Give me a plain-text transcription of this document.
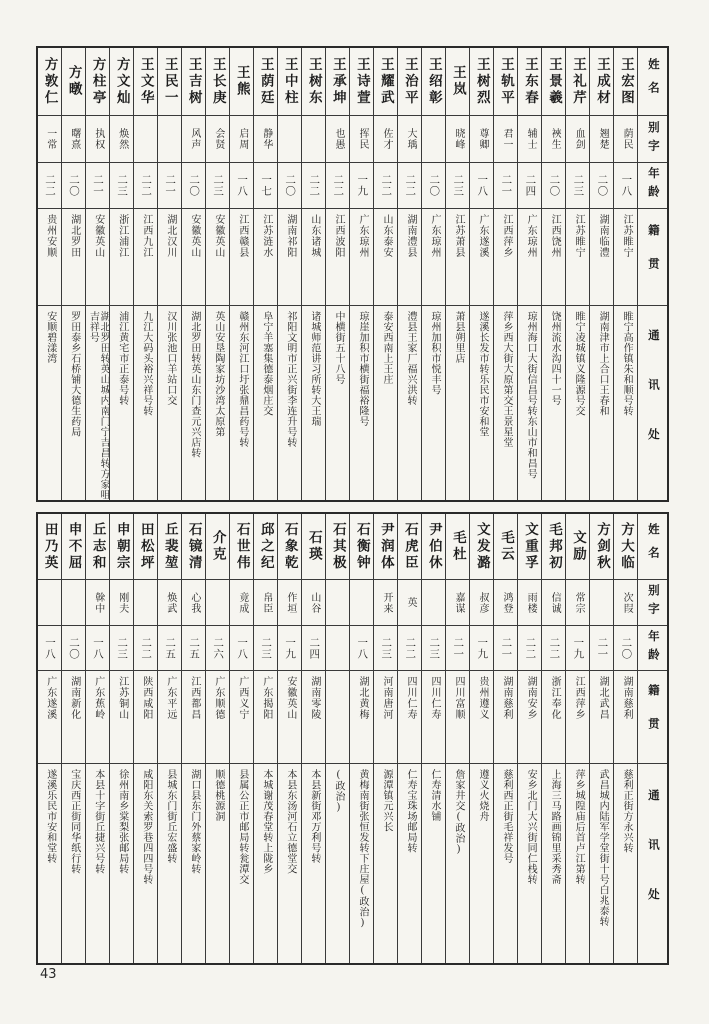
姓名
别字
年龄
籍贯
通讯处
王宏图
荫民
一八
江苏睢宁
睢宁高作镇朱和顺号转
王成材
翘楚
二〇
湖南临澧
湖南津市上合口王春和
王礼芹
血剑
二三
江苏睢宁
睢宁凌城镇义隆源号交
王景羲
裌生
二〇
江西饶州
饶州流水沟四十一号
王东春
辅士
二四
广东琼州
琼州海口大街信昌号转东山市和昌号
王轨平
君一
二一
江西萍乡
萍乡西大街大原第交王景星堂
王树烈
尊卿
一八
广东遂溪
遂溪长发市转乐民市安和堂
王岚
晓峰
二三
江苏萧县
萧县朔里店
王绍彰
二〇
广东琼州
琼州加积市悦丰号
王治平
大瑀
二二
湖南澧县
澧县王家厂福兴洪转
王耀武
佐才
二二
山东泰安
泰安西南上王庄
王诗萱
挥民
一九
广东琼州
琼崖加积市横街福裕隆号
王承坤
也愚
二二
江西波阳
中横街五十八号
王树东
二二
山东诸城
诸城师范讲习所转大王瑞
王中柱
二〇
湖南祁阳
祁阳文明市正兴街李连升号转
王荫廷
静华
一七
江苏涟水
阜宁羊塞集德泰烟庄交
王熊
启周
一八
江西赣县
赣州东河江口圩张鼎昌药号转
王长庚
会贤
二三
安徽英山
英山安垦陶家坊沙湾太原第
王吉树
风声
二〇
安徽英山
湖北罗田转英山东门查元兴店转
王民一
二一
湖北汉川
汉川张池口羊站口交
王文华
二二
江西九江
九江大码头裕兴祥号转
方文灿
焕然
二三
浙江浦江
浦江黄宅市正泰号转
方柱亭
执权
二一
安徽英山
湖北罗田转英山城内南门宁吉昌转方家咀吉祥号
方暾
曙熹
二〇
湖北罗田
罗田泰乡石桥铺大德生药局
方敦仁
一常
二二
贵州安顺
安顺碧漾湾
姓名
别字
年龄
籍贯
通讯处
方大临
次叚
二〇
湖南慈利
慈利正街方永兴转
方剑秋
二一
湖北武昌
武昌城内陆军学堂街十号白兆泰转
文励
常宗
一九
江西萍乡
萍乡城隍庙后首卢江第转
毛邦初
信诚
二二
浙江奉化
上海三马路画锦里采秀斋
文重孚
雨楼
二二
湖南安乡
安乡北门大兴街同仁栈转
毛云
鸿登
二一
湖南慈利
慈利西正街毛祥发号
文发潞
叔彦
一九
贵州遵义
遵义火烧舟
毛杜
嘉谋
二一
四川富顺
詹家井交(政治)
尹伯休
二三
四川仁寿
仁寿清水铺
石虎臣
英
二二
四川仁寿
仁寿宝珠场邮局转
尹润体
开来
二三
河南唐河
源潭镇元兴长
石衡钟
一八
湖北黄梅
黄梅南街张恒发转下庄屋(政治)
石其极
(政治)
石瑛
山谷
二四
湖南零陵
本县新街邓万利号转
石象乾
作垣
一九
安徽英山
本县东汤河石立德堂交
邱之纪
帛臣
二三
广东揭阳
本城谢茂春堂转上陇乡
石世伟
竟成
一八
广西义宁
县属公正市邮局转瓮潭交
介克
二六
广东顺德
顺德桃源洞
石镜清
心我
二五
江西都昌
湖口县东门外蔡家岭转
丘裴堃
焕武
二五
广东平远
县城东门街丘宏盛转
田松坪
二二
陕西咸阳
咸阳东关索罗巷四四号转
申朝宗
刚夫
二三
江苏铜山
徐州南乡棠梨张邮局转
丘志和
榦中
一八
广东蕉岭
本县十字街丘捷兴号转
申不屈
二〇
湖南新化
宝庆西正街同华纸行转
田乃英
一八
广东遂溪
遂溪乐民市安和堂转
43
